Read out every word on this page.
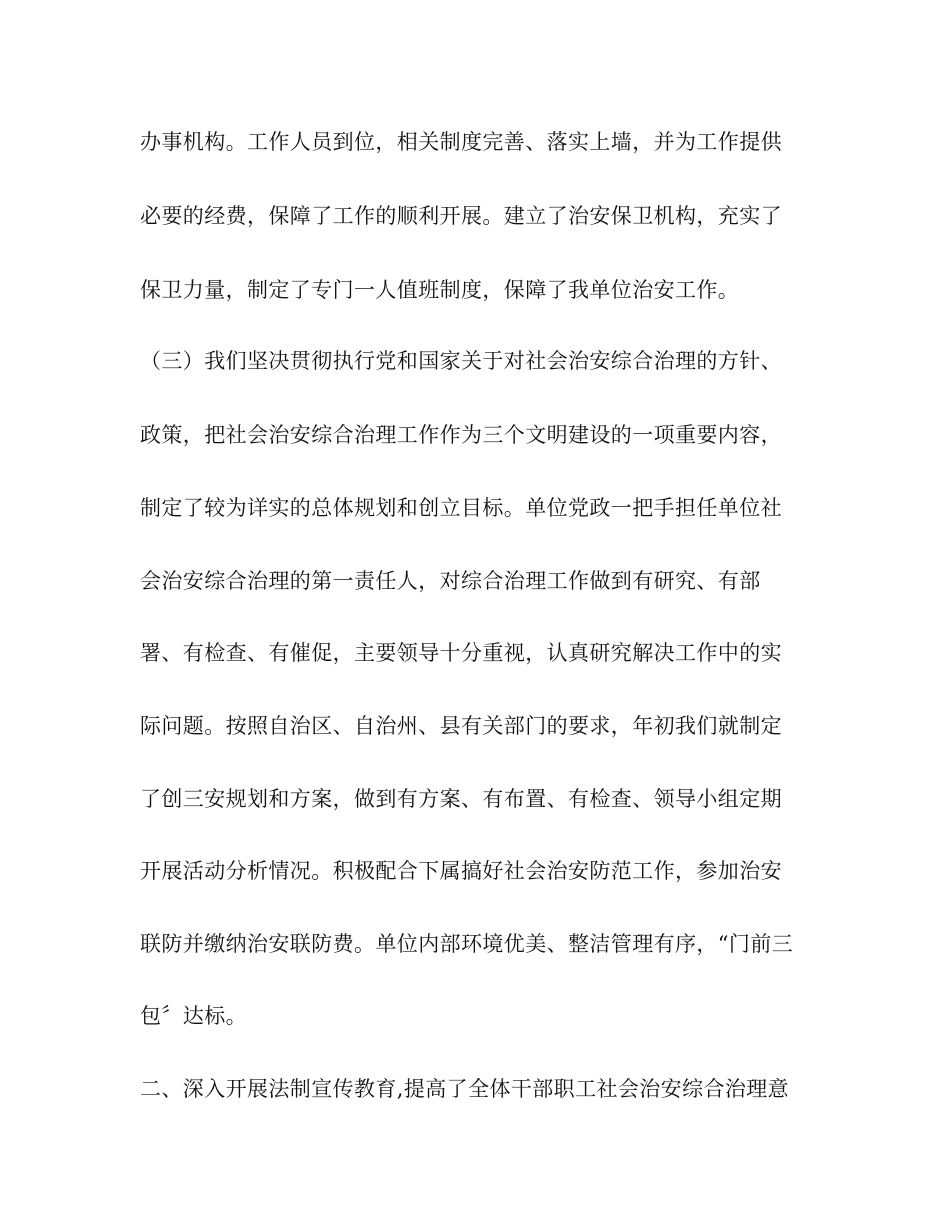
办事机构。工作人员到位，相关制度完善、落实上墙，并为工作提供
必要的经费，保障了工作的顺利开展。建立了治安保卫机构，充实了
保卫力量，制定了专门一人值班制度，保障了我单位治安工作。
（三）我们坚决贯彻执行党和国家关于对社会治安综合治理的方针、
政策，把社会治安综合治理工作作为三个文明建设的一项重要内容，
制定了较为详实的总体规划和创立目标。单位党政一把手担任单位社
会治安综合治理的第一责任人，对综合治理工作做到有研究、有部
署、有检查、有催促，主要领导十分重视，认真研究解决工作中的实
际问题。按照自治区、自治州、县有关部门的要求，年初我们就制定
了创三安规划和方案，做到有方案、有布置、有检查、领导小组定期
开展活动分析情况。积极配合下属搞好社会治安防范工作，参加治安
联防并缴纳治安联防费。单位内部环境优美、整洁管理有序，“门前三
包〞达标。
二、深入开展法制宣传教育,提高了全体干部职工社会治安综合治理意
